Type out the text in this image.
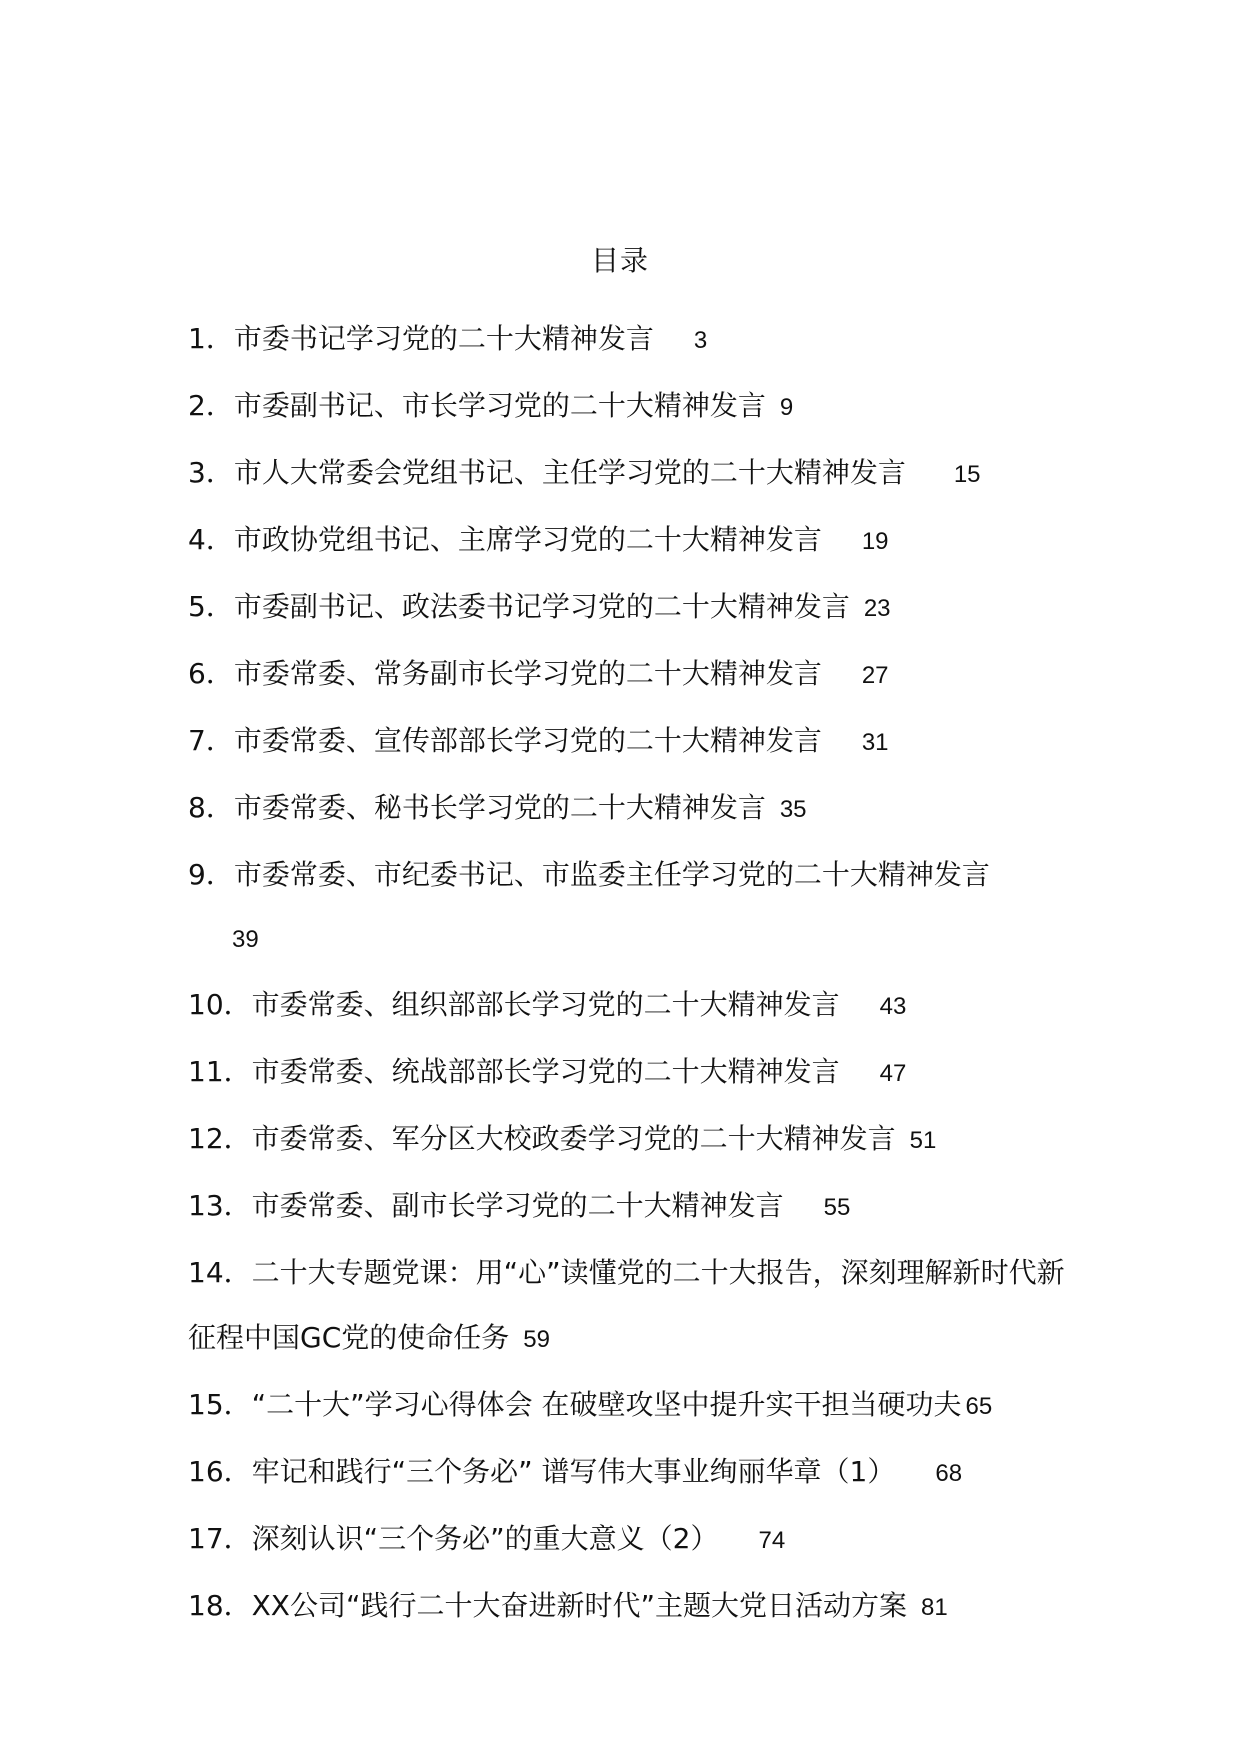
目录
1．市委书记学习党的二十大精神发言 3
2．市委副书记、市长学习党的二十大精神发言 9
3．市人大常委会党组书记、主任学习党的二十大精神发言 15
4．市政协党组书记、主席学习党的二十大精神发言 19
5．市委副书记、政法委书记学习党的二十大精神发言 23
6．市委常委、常务副市长学习党的二十大精神发言 27
7．市委常委、宣传部部长学习党的二十大精神发言 31
8．市委常委、秘书长学习党的二十大精神发言 35
9．市委常委、市纪委书记、市监委主任学习党的二十大精神发言
39
10．市委常委、组织部部长学习党的二十大精神发言 43
11．市委常委、统战部部长学习党的二十大精神发言 47
12．市委常委、军分区大校政委学习党的二十大精神发言 51
13．市委常委、副市长学习党的二十大精神发言 55
14．二十大专题党课：用“心”读懂党的二十大报告，深刻理解新时代新征程中国GC党的使命任务 59
15．“二十大”学习心得体会 在破壁攻坚中提升实干担当硬功夫 65
16．牢记和践行“三个务必” 谱写伟大事业绚丽华章（1） 68
17．深刻认识“三个务必”的重大意义（2） 74
18．XX公司“践行二十大奋进新时代”主题大党日活动方案 81
